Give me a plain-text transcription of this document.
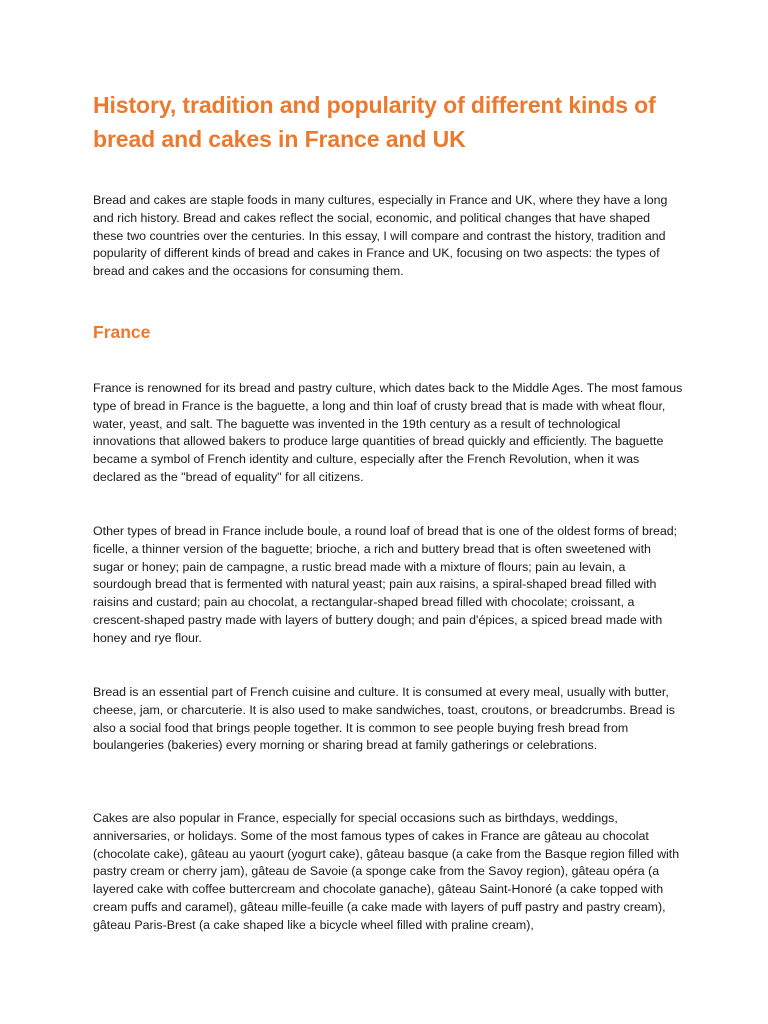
History, tradition and popularity of different kinds of bread and cakes in France and UK

Bread and cakes are staple foods in many cultures, especially in France and UK, where they have a long and rich history. Bread and cakes reflect the social, economic, and political changes that have shaped these two countries over the centuries. In this essay, I will compare and contrast the history, tradition and popularity of different kinds of bread and cakes in France and UK, focusing on two aspects: the types of bread and cakes and the occasions for consuming them.

France

France is renowned for its bread and pastry culture, which dates back to the Middle Ages. The most famous type of bread in France is the baguette, a long and thin loaf of crusty bread that is made with wheat flour, water, yeast, and salt. The baguette was invented in the 19th century as a result of technological innovations that allowed bakers to produce large quantities of bread quickly and efficiently. The baguette became a symbol of French identity and culture, especially after the French Revolution, when it was declared as the "bread of equality" for all citizens.

Other types of bread in France include boule, a round loaf of bread that is one of the oldest forms of bread; ficelle, a thinner version of the baguette; brioche, a rich and buttery bread that is often sweetened with sugar or honey; pain de campagne, a rustic bread made with a mixture of flours; pain au levain, a sourdough bread that is fermented with natural yeast; pain aux raisins, a spiral-shaped bread filled with raisins and custard; pain au chocolat, a rectangular-shaped bread filled with chocolate; croissant, a crescent-shaped pastry made with layers of buttery dough; and pain d'épices, a spiced bread made with honey and rye flour.

Bread is an essential part of French cuisine and culture. It is consumed at every meal, usually with butter, cheese, jam, or charcuterie. It is also used to make sandwiches, toast, croutons, or breadcrumbs. Bread is also a social food that brings people together. It is common to see people buying fresh bread from boulangeries (bakeries) every morning or sharing bread at family gatherings or celebrations.

Cakes are also popular in France, especially for special occasions such as birthdays, weddings, anniversaries, or holidays. Some of the most famous types of cakes in France are gâteau au chocolat (chocolate cake), gâteau au yaourt (yogurt cake), gâteau basque (a cake from the Basque region filled with pastry cream or cherry jam), gâteau de Savoie (a sponge cake from the Savoy region), gâteau opéra (a layered cake with coffee buttercream and chocolate ganache), gâteau Saint-Honoré (a cake topped with cream puffs and caramel), gâteau mille-feuille (a cake made with layers of puff pastry and pastry cream), gâteau Paris-Brest (a cake shaped like a bicycle wheel filled with praline cream),
